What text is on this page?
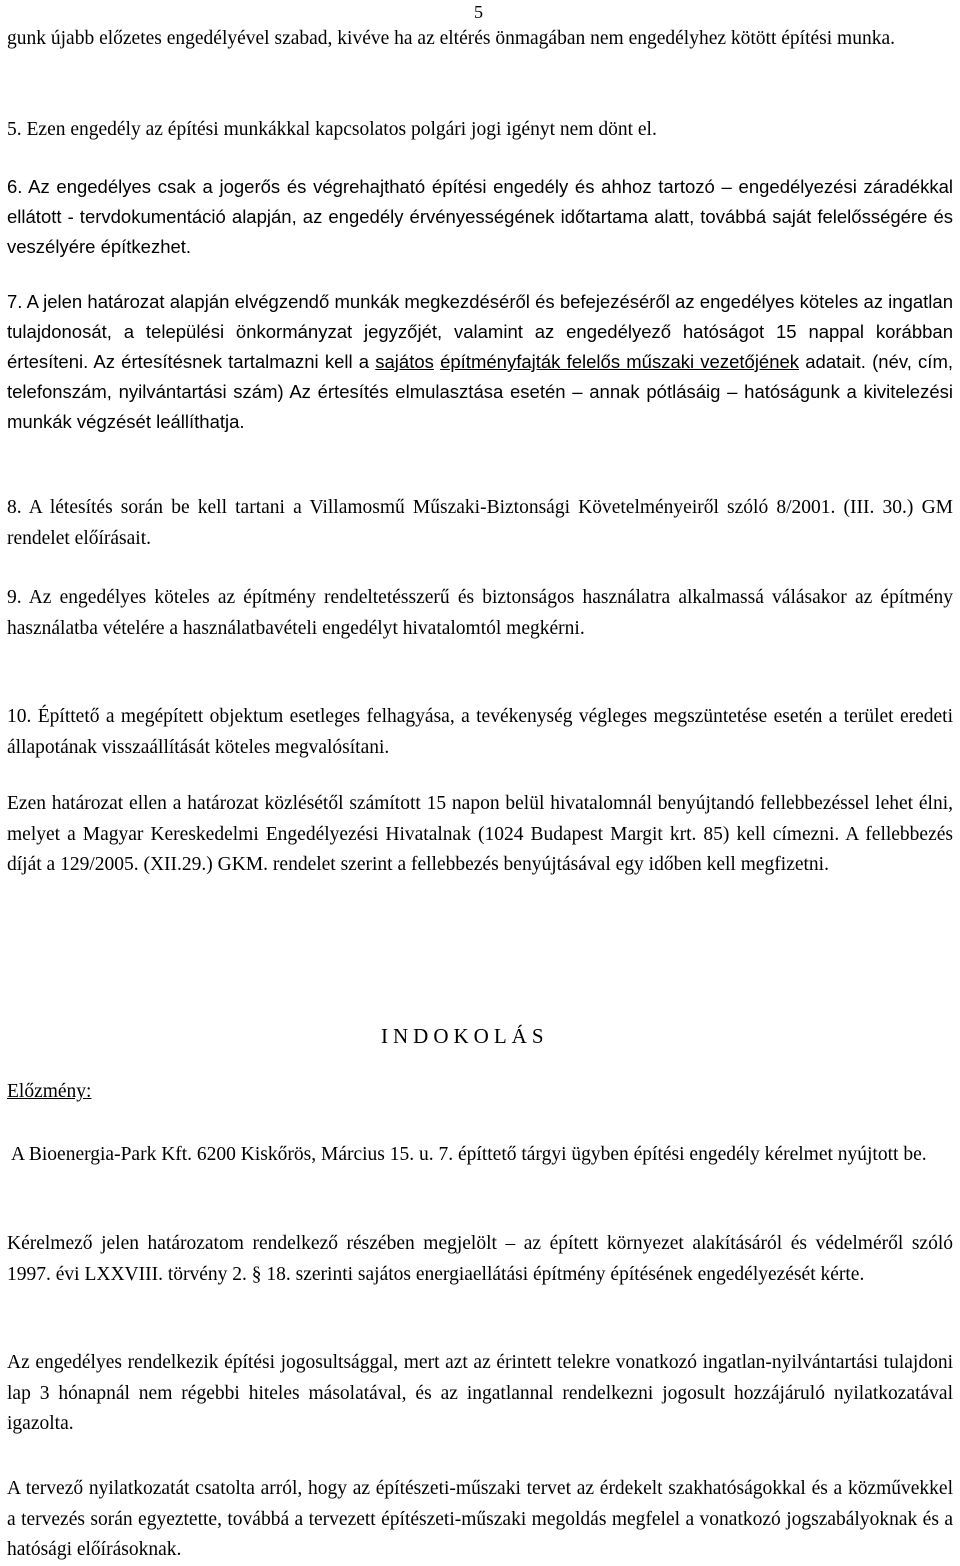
5

gunk újabb előzetes engedélyével szabad, kivéve ha az eltérés önmagában nem engedélyhez kötött építési munka.

5. Ezen engedély az építési munkákkal kapcsolatos polgári jogi igényt nem dönt el.

6. Az engedélyes csak a jogerős és végrehajtható építési engedély és ahhoz tartozó – engedélyezési záradékkal ellátott - tervdokumentáció alapján, az engedély érvényességének időtartama alatt, továbbá saját felelősségére és veszélyére építkezhet.

7. A jelen határozat alapján elvégzendő munkák megkezdéséről és befejezéséről az engedélyes köteles az ingatlan tulajdonosát, a települési önkormányzat jegyzőjét, valamint az engedélyező hatóságot 15 nappal korábban értesíteni. Az értesítésnek tartalmazni kell a sajátos építményfajták felelős műszaki vezetőjének adatait. (név, cím, telefonszám, nyilvántartási szám) Az értesítés elmulasztása esetén – annak pótlásáig – hatóságunk a kivitelezési munkák végzését leállíthatja.

8. A létesítés során be kell tartani a Villamosmű Műszaki-Biztonsági Követelményeiről szóló 8/2001. (III. 30.) GM rendelet előírásait.

9. Az engedélyes köteles az építmény rendeltetésszerű és biztonságos használatra alkalmassá válásakor az építmény használatba vételére a használatbavételi engedélyt hivatalomtól megkérni.

10. Építtető a megépített objektum esetleges felhagyása, a tevékenység végleges megszüntetése esetén a terület eredeti állapotának visszaállítását köteles megvalósítani.

Ezen határozat ellen a határozat közlésétől számított 15 napon belül hivatalomnál benyújtandó fellebbezéssel lehet élni, melyet a Magyar Kereskedelmi Engedélyezési Hivatalnak (1024 Budapest Margit krt. 85) kell címezni. A fellebbezés díját a 129/2005. (XII.29.) GKM. rendelet szerint a fellebbezés benyújtásával egy időben kell megfizetni.

INDOKOLÁS
Előzmény:

A Bioenergia-Park Kft. 6200 Kiskőrös, Március 15. u. 7. építtető tárgyi ügyben építési engedély kérelmet nyújtott be.

Kérelmező jelen határozatom rendelkező részében megjelölt – az épített környezet alakításáról és védelméről szóló 1997. évi LXXVIII. törvény 2. § 18. szerinti sajátos energiaellátási építmény építésének engedélyezését kérte.

Az engedélyes rendelkezik építési jogosultsággal, mert azt az érintett telekre vonatkozó ingatlan-nyilvántartási tulajdoni lap 3 hónapnál nem régebbi hiteles másolatával, és az ingatlannal rendelkezni jogosult hozzájáruló nyilatkozatával igazolta.

A tervező nyilatkozatát csatolta arról, hogy az építészeti-műszaki tervet az érdekelt szakhatóságokkal és a közművekkel a tervezés során egyeztette, továbbá a tervezett építészeti-műszaki megoldás megfelel a vonatkozó jogszabályoknak és a hatósági előírásoknak.
